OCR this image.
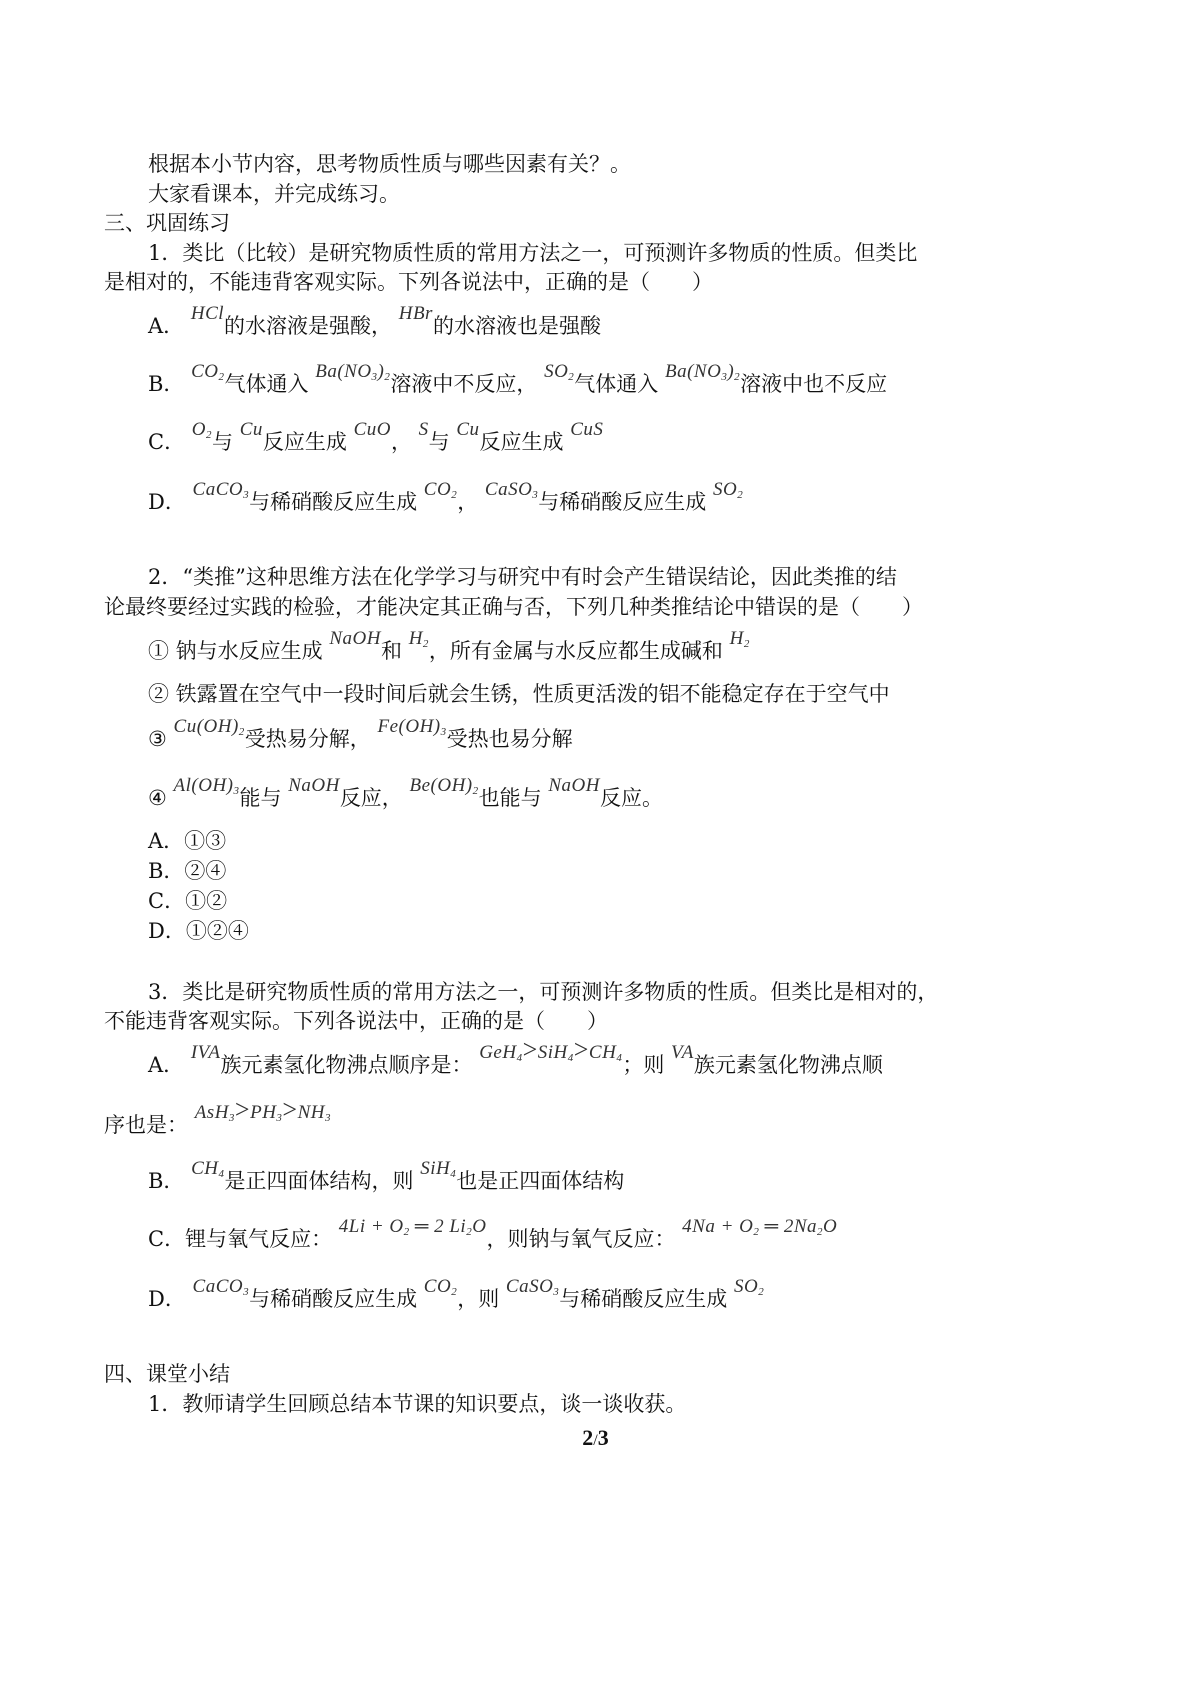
根据本小节内容，思考物质性质与哪些因素有关？。
大家看课本，并完成练习。
三、巩固练习
1．类比（比较）是研究物质性质的常用方法之一，可预测许多物质的性质。但类比
是相对的，不能违背客观实际。下列各说法中，正确的是（　　）
A． HCl的水溶液是强酸， HBr的水溶液也是强酸
B． $CO_2$气体通入 $Ba(NO_3)_2$溶液中不反应， $SO_2$气体通入 $Ba(NO_3)_2$溶液中也不反应
C． $O_2$与 Cu反应生成 CuO， S与 Cu反应生成 CuS
D． CaCO$_3$与稀硝酸反应生成 $CO_2$， CaSO$_3$与稀硝酸反应生成 $SO_2$
2．“类推”这种思维方法在化学学习与研究中有时会产生错误结论，因此类推的结
论最终要经过实践的检验，才能决定其正确与否，下列几种类推结论中错误的是（　　）
① 钠与水反应生成 NaOH和 $H_2$，所有金属与水反应都生成碱和 $H_2$
② 铁露置在空气中一段时间后就会生锈，性质更活泼的铝不能稳定存在于空气中
③ $Cu(OH)_2$受热易分解， $Fe(OH)_3$受热也易分解
④ $Al(OH)_3$能与 NaOH反应， $Be(OH)_2$也能与 NaOH反应。
A．①③
B．②④
C．①②
D．①②④
3．类比是研究物质性质的常用方法之一，可预测许多物质的性质。但类比是相对的，
不能违背客观实际。下列各说法中，正确的是（　　）
A． IVA族元素氢化物沸点顺序是： $GeH_4>SiH_4>CH_4$；则 VA族元素氢化物沸点顺
序也是： $AsH_3>PH_3>NH_3$
B． $CH_4$是正四面体结构，则 SiH$_4$也是正四面体结构
C．锂与氧气反应： $4Li + O_2$ ═ 2 $Li_2O$，则钠与氧气反应： $4Na + O_2$ ═ $2Na_2O$
D． CaCO$_3$与稀硝酸反应生成 $CO_2$，则 CaSO$_3$与稀硝酸反应生成 $SO_2$
四、课堂小结
1．教师请学生回顾总结本节课的知识要点，谈一谈收获。
2/3
